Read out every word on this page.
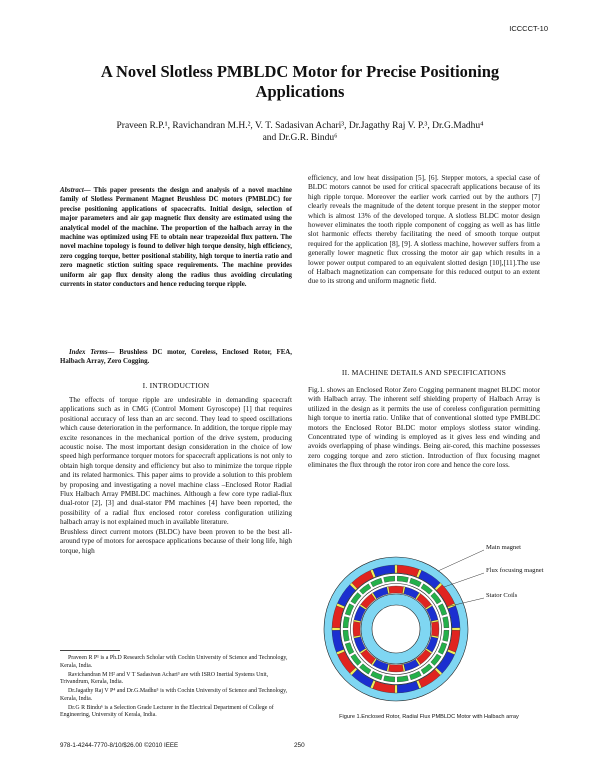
ICCCCT-10
A Novel Slotless PMBLDC Motor for Precise Positioning Applications
Praveen R.P.¹, Ravichandran M.H.², V. T. Sadasivan Achari³, Dr.Jagathy Raj V. P.³, Dr.G.Madhu⁴
and Dr.G.R. Bindu⁶

Abstract— This paper presents the design and analysis of a novel machine family of Slotless Permanent Magnet Brushless DC motors (PMBLDC) for precise positioning applications of spacecrafts. Initial design, selection of major parameters and air gap magnetic flux density are estimated using the analytical model of the machine. The proportion of the halbach array in the machine was optimized using FE to obtain near trapezoidal flux pattern. The novel machine topology is found to deliver high torque density, high efficiency, zero cogging torque, better positional stability, high torque to inertia ratio and zero magnetic stiction suiting space requirements. The machine provides uniform air gap flux density along the radius thus avoiding circulating currents in stator conductors and hence reducing torque ripple.

Index Terms— Brushless DC motor, Coreless, Enclosed Rotor, FEA, Halbach Array, Zero Cogging.

I. INTRODUCTION

The effects of torque ripple are undesirable in demanding spacecraft applications such as in CMG (Control Moment Gyroscope) [1] that requires positional accuracy of less than an arc second. They lead to speed oscillations which cause deterioration in the performance. In addition, the torque ripple may excite resonances in the mechanical portion of the drive system, producing acoustic noise. The most important design consideration in the choice of low speed high performance torquer motors for spacecraft applications is not only to obtain high torque density and efficiency but also to minimize the torque ripple and its related harmonics. This paper aims to provide a solution to this problem by proposing and investigating a novel machine class –Enclosed Rotor Radial Flux Halbach Array PMBLDC machines. Although a few core type radial-flux dual-rotor [2], [3] and dual-stator PM machines [4] have been reported, the possibility of a radial flux enclosed rotor coreless configuration utilizing halbach array is not explained much in available literature.

Brushless direct current motors (BLDC) have been proven to be the best all-around type of motors for aerospace applications because of their long life, high torque, high

Praveen R P¹ is a Ph.D Research Scholar with Cochin University of Science and Technology, Kerala, India.

Ravichandran M H² and V T Sadasivan Achari³ are with ISRO Inertial Systems Unit, Trivandrum, Kerala, India.

Dr.Jagathy Raj V P⁴ and Dr.G.Madhu⁵ is with Cochin University of Science and Technology, Kerala, India.

Dr.G R Bindu⁶ is a Selection Grade Lecturer in the Electrical Department of College of Engineering, University of Kerala, India.

efficiency, and low heat dissipation [5], [6]. Stepper motors, a special case of BLDC motors cannot be used for critical spacecraft applications because of its high ripple torque. Moreover the earlier work carried out by the authors [7] clearly reveals the magnitude of the detent torque present in the stepper motor which is almost 13% of the developed torque. A slotless BLDC motor design however eliminates the tooth ripple component of cogging as well as has little slot harmonic effects thereby facilitating the need of smooth torque output required for the application [8], [9]. A slotless machine, however suffers from a generally lower magnetic flux crossing the motor air gap which results in a lower power output compared to an equivalent slotted design [10],[11].The use of Halbach magnetization can compensate for this reduced output to an extent due to its strong and uniform magnetic field.

II. MACHINE DETAILS AND SPECIFICATIONS

Fig.1. shows an Enclosed Rotor Zero Cogging permanent magnet BLDC motor with Halbach array. The inherent self shielding property of Halbach Array is utilized in the design as it permits the use of coreless configuration permitting high torque to inertia ratio. Unlike that of conventional slotted type PMBLDC motors the Enclosed Rotor BLDC motor employs slotless stator winding. Concentrated type of winding is employed as it gives less end winding and avoids overlapping of phase windings. Being air-cored, this machine possesses zero cogging torque and zero stiction. Introduction of flux focusing magnet eliminates the flux through the rotor iron core and hence the core loss.

Main magnet
Flux focusing magnet
Stator Coils
Figure 1.Enclosed Rotor, Radial Flux PMBLDC Motor with Halbach array
978-1-4244-7770-8/10/$26.00 ©2010 IEEE	250
